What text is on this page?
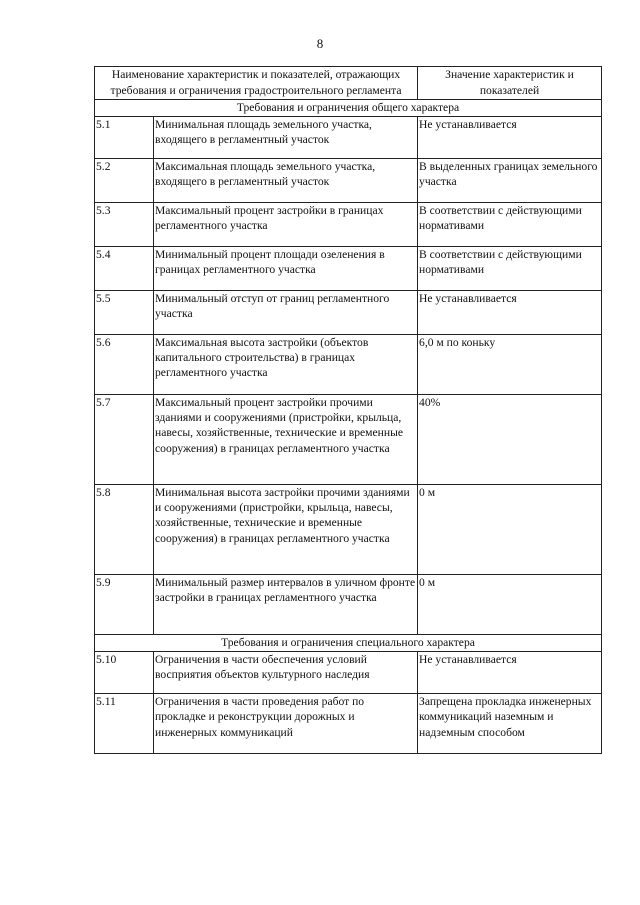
8
Наименование характеристик и показателей, отражающих требования и ограничения градостроительного регламента		Значение характеристик и показателей
Требования и ограничения общего характера		
5.1	Минимальная площадь земельного участка, входящего в регламентный участок	Не устанавливается
5.2	Максимальная площадь земельного участка, входящего в регламентный участок	В выделенных границах земельного участка
5.3	Максимальный процент застройки в границах регламентного участка	В соответствии с действующими нормативами
5.4	Минимальный процент площади озеленения в границах регламентного участка	В соответствии с действующими нормативами
5.5	Минимальный отступ от границ регламентного участка	Не устанавливается
5.6	Максимальная высота застройки (объектов капитального строительства) в границах регламентного участка	6,0 м по коньку
5.7	Максимальный процент застройки прочими зданиями и сооружениями (пристройки, крыльца, навесы, хозяйственные, технические и временные сооружения) в границах регламентного участка	40%
5.8	Минимальная высота застройки прочими зданиями и сооружениями (пристройки, крыльца, навесы, хозяйственные, технические и временные сооружения) в границах регламентного участка	0 м
5.9	Минимальный размер интервалов в уличном фронте застройки в границах регламентного участка	0 м
Требования и ограничения специального характера		
5.10	Ограничения в части обеспечения условий восприятия объектов культурного наследия	Не устанавливается
5.11	Ограничения в части проведения работ по прокладке и реконструкции дорожных и инженерных коммуникаций	Запрещена прокладка инженерных коммуникаций наземным и надземным способом
